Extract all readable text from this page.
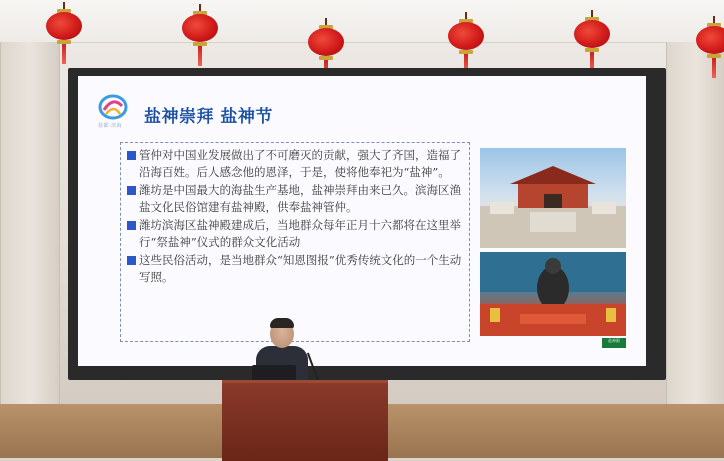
盐都·滨海	盐神崇拜 盐神节
管仲对中国业发展做出了不可磨灭的贡献，强大了齐国，造福了沿海百姓。后人感念他的恩泽，于是，使将他奉祀为“盐神”。
潍坊是中国最大的海盐生产基地，盐神崇拜由来已久。滨海区渔盐文化民俗馆建有盐神殿，供奉盐神管仲。
潍坊滨海区盐神殿建成后，当地群众每年正月十六都将在这里举行“祭盐神”仪式的群众文化活动
这些民俗活动，是当地群众“知恩图报”优秀传统文化的一个生动写照。
盐神殿
